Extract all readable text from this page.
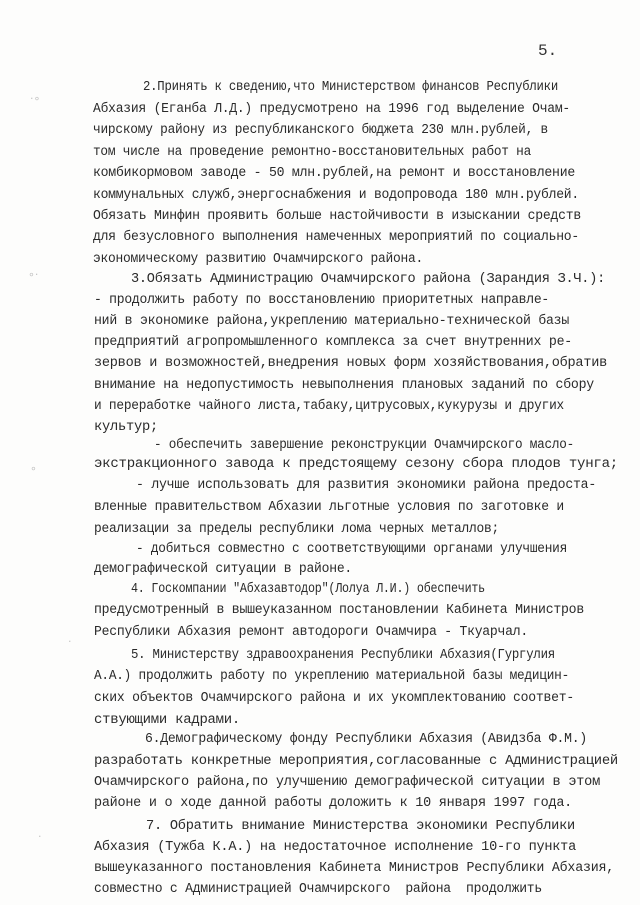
·∘
∘·
∘
·
·
5.
2.Принять к сведению,что Министерством финансов Республики
Абхазия (Еганба Л.Д.) предусмотрено на 1996 год выделение Очам-
чирскому району из республиканского бюджета 230 млн.рублей, в
том числе на проведение ремонтно-восстановительных работ на
комбикормовом заводе - 50 млн.рублей,на ремонт и восстановление
коммунальных служб,энергоснабжения и водопровода 180 млн.рублей.
Обязать Минфин проявить больше настойчивости в изыскании средств
для безусловного выполнения намеченных мероприятий по социально-
экономическому развитию Очамчирского района.
3.Обязать Администрацию Очамчирского района (Зарандия З.Ч.):
- продолжить работу по восстановлению приоритетных направле-
ний в экономике района,укреплению материально-технической базы
предприятий агропромышленного комплекса за счет внутренних ре-
зервов и возможностей,внедрения новых форм хозяйствования,обратив
внимание на недопустимость невыполнения плановых заданий по сбору
и переработке чайного листа,табаку,цитрусовых,кукурузы и других
культур;
- обеспечить завершение реконструкции Очамчирского масло-
экстракционного завода к предстоящему сезону сбора плодов тунга;
- лучше использовать для развития экономики района предоста-
вленные правительством Абхазии льготные условия по заготовке и
реализации за пределы республики лома черных металлов;
- добиться совместно с соответствующими органами улучшения
демографической ситуации в районе.
4. Госкомпании "Абхазавтодор"(Лолуа Л.И.) обеспечить
предусмотренный в вышеуказанном постановлении Кабинета Министров
Республики Абхазия ремонт автодороги Очамчира - Ткуарчал.
5. Министерству здравоохранения Республики Абхазия(Гургулия
А.А.) продолжить работу по укреплению материальной базы медицин-
ских объектов Очамчирского района и их укомплектованию соответ-
ствующими кадрами.
6.Демографическому фонду Республики Абхазия (Авидзба Ф.М.)
разработать конкретные мероприятия,согласованные с Администрацией
Очамчирского района,по улучшению демографической ситуации в этом
районе и о ходе данной работы доложить к 10 января 1997 года.
7. Обратить внимание Министерства экономики Республики
Абхазия (Тужба К.А.) на недостаточное исполнение 10-го пункта
вышеуказанного постановления Кабинета Министров Республики Абхазия,
совместно с Администрацией Очамчирского  района  продолжить
